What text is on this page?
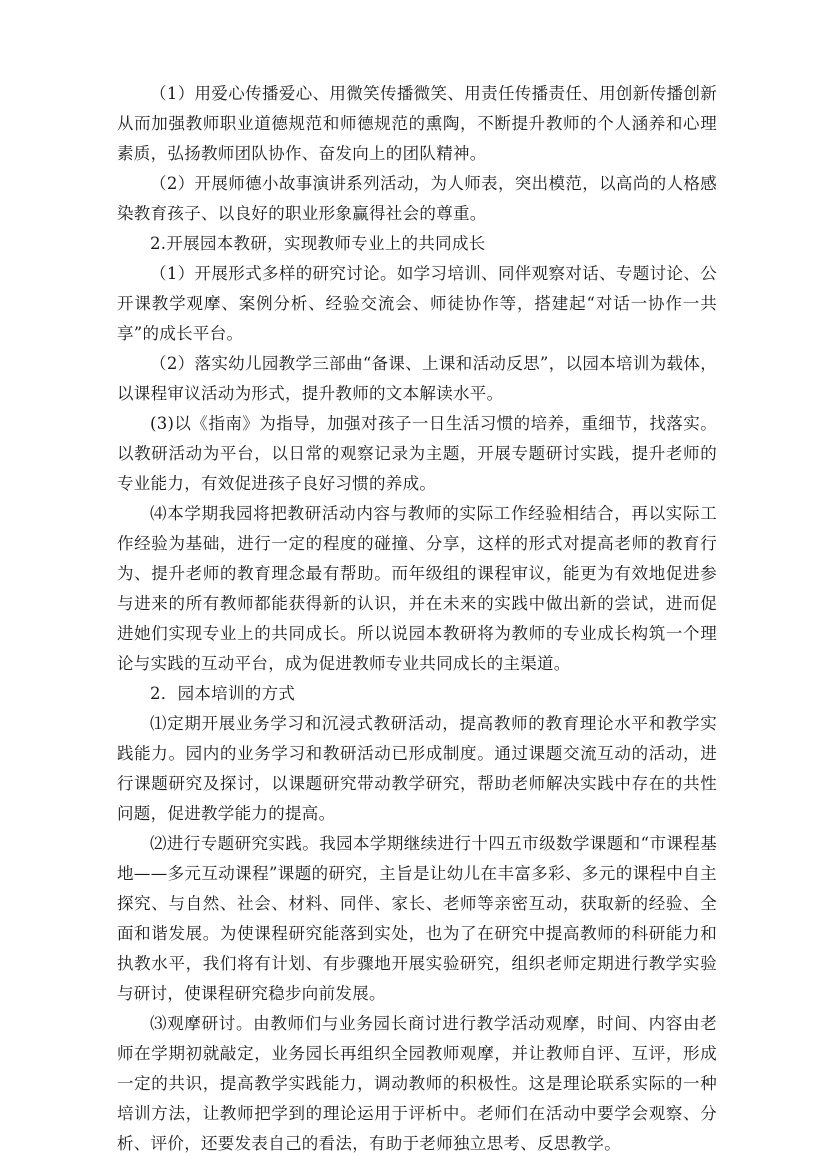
（1）用爱心传播爱心、用微笑传播微笑、用责任传播责任、用创新传播创新从而加强教师职业道德规范和师德规范的熏陶，不断提升教师的个人涵养和心理素质，弘扬教师团队协作、奋发向上的团队精神。

（2）开展师德小故事演讲系列活动，为人师表，突出模范，以高尚的人格感染教育孩子、以良好的职业形象赢得社会的尊重。

2.开展园本教研，实现教师专业上的共同成长

（1）开展形式多样的研究讨论。如学习培训、同伴观察对话、专题讨论、公开课教学观摩、案例分析、经验交流会、师徒协作等，搭建起“对话一协作一共享”的成长平台。

（2）落实幼儿园教学三部曲“备课、上课和活动反思”，以园本培训为载体，以课程审议活动为形式，提升教师的文本解读水平。

(3)以《指南》为指导，加强对孩子一日生活习惯的培养，重细节，找落实。以教研活动为平台，以日常的观察记录为主题，开展专题研讨实践，提升老师的专业能力，有效促进孩子良好习惯的养成。

⑷本学期我园将把教研活动内容与教师的实际工作经验相结合，再以实际工作经验为基础，进行一定的程度的碰撞、分享，这样的形式对提高老师的教育行为、提升老师的教育理念最有帮助。而年级组的课程审议，能更为有效地促进参与进来的所有教师都能获得新的认识，并在未来的实践中做出新的尝试，进而促进她们实现专业上的共同成长。所以说园本教研将为教师的专业成长构筑一个理论与实践的互动平台，成为促进教师专业共同成长的主渠道。

2．园本培训的方式

⑴定期开展业务学习和沉浸式教研活动，提高教师的教育理论水平和教学实践能力。园内的业务学习和教研活动已形成制度。通过课题交流互动的活动，进行课题研究及探讨，以课题研究带动教学研究，帮助老师解决实践中存在的共性问题，促进教学能力的提高。

⑵进行专题研究实践。我园本学期继续进行十四五市级数学课题和“市课程基地——多元互动课程”课题的研究，主旨是让幼儿在丰富多彩、多元的课程中自主探究、与自然、社会、材料、同伴、家长、老师等亲密互动，获取新的经验、全面和谐发展。为使课程研究能落到实处，也为了在研究中提高教师的科研能力和执教水平，我们将有计划、有步骤地开展实验研究，组织老师定期进行教学实验与研讨，使课程研究稳步向前发展。

⑶观摩研讨。由教师们与业务园长商讨进行教学活动观摩，时间、内容由老师在学期初就敲定，业务园长再组织全园教师观摩，并让教师自评、互评，形成一定的共识，提高教学实践能力，调动教师的积极性。这是理论联系实际的一种培训方法，让教师把学到的理论运用于评析中。老师们在活动中要学会观察、分析、评价，还要发表自己的看法，有助于老师独立思考、反思教学。
